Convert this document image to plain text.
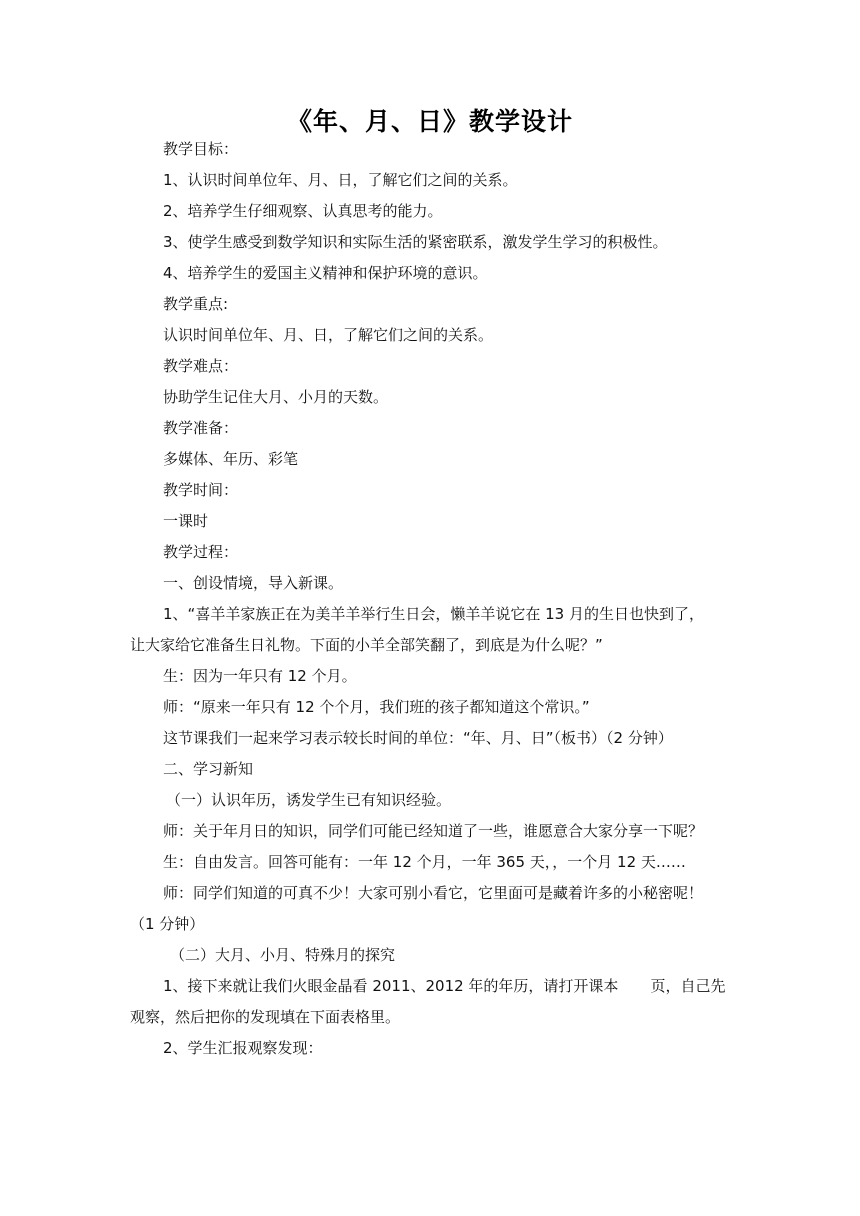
《年、月、日》教学设计
教学目标：
1、认识时间单位年、月、日，了解它们之间的关系。
2、培养学生仔细观察、认真思考的能力。
3、使学生感受到数学知识和实际生活的紧密联系，激发学生学习的积极性。
4、培养学生的爱国主义精神和保护环境的意识。
教学重点:
认识时间单位年、月、日，了解它们之间的关系。
教学难点：
协助学生记住大月、小月的天数。
教学准备：
多媒体、年历、彩笔
教学时间：
一课时
教学过程：
一、创设情境，导入新课。
1、“喜羊羊家族正在为美羊羊举行生日会，懒羊羊说它在 13 月的生日也快到了，
让大家给它准备生日礼物。下面的小羊全部笑翻了，到底是为什么呢？”
生：因为一年只有 12 个月。
师：“原来一年只有 12 个个月，我们班的孩子都知道这个常识。”
这节课我们一起来学习表示较长时间的单位：“年、月、日”（板书）（2 分钟）
二、学习新知
（一）认识年历，诱发学生已有知识经验。
师：关于年月日的知识，同学们可能已经知道了一些，谁愿意合大家分享一下呢？
生：自由发言。回答可能有：一年 12 个月，一年 365 天，，一个月 12 天……
师：同学们知道的可真不少！大家可别小看它，它里面可是藏着许多的小秘密呢！
（1 分钟）
（二）大月、小月、特殊月的探究
1、接下来就让我们火眼金晶看 2011、2012 年的年历，请打开课本 页，自己先
观察，然后把你的发现填在下面表格里。
2、学生汇报观察发现：
